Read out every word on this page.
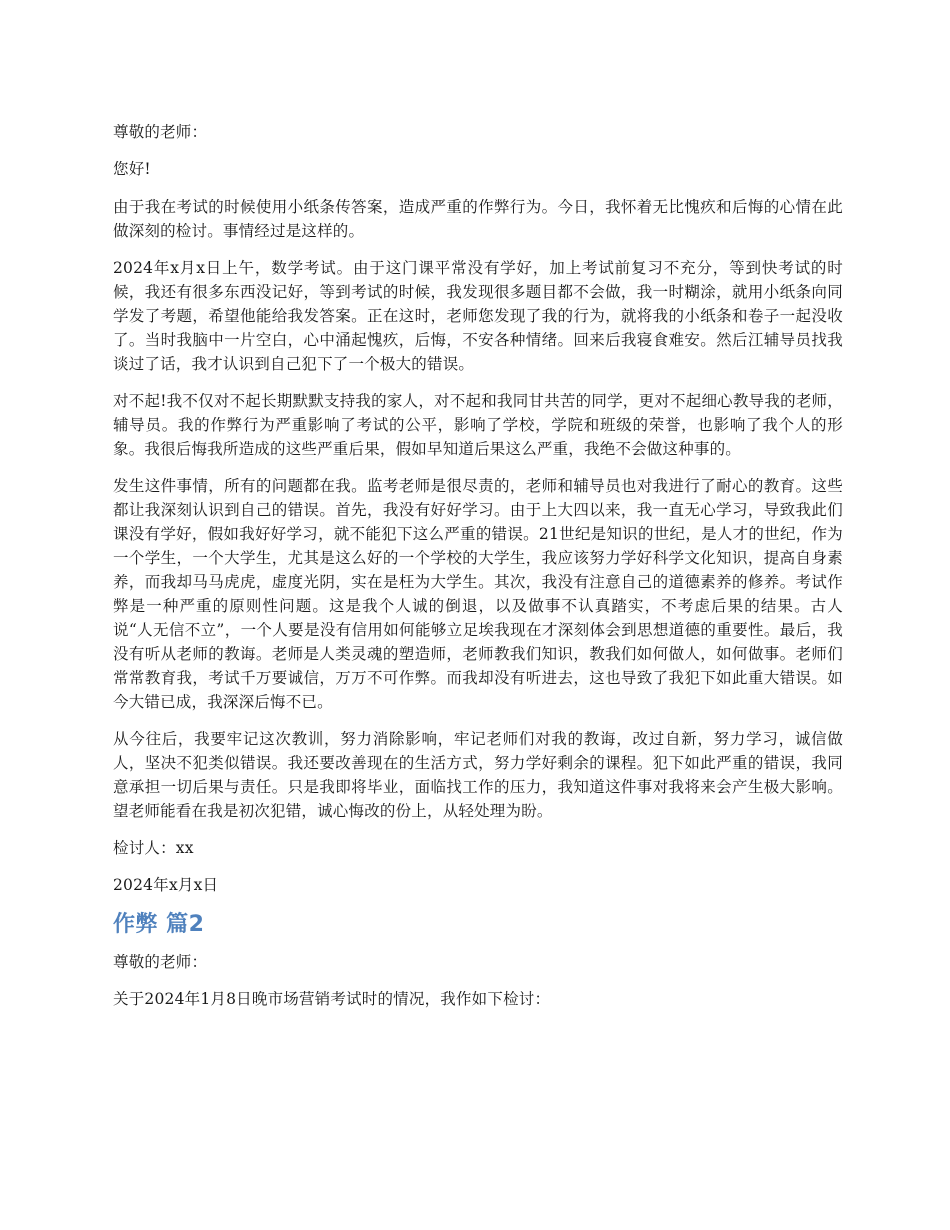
尊敬的老师：

您好!

由于我在考试的时候使用小纸条传答案，造成严重的作弊行为。今日，我怀着无比愧疚和后悔的心情在此做深刻的检讨。事情经过是这样的。

2024年x月x日上午，数学考试。由于这门课平常没有学好，加上考试前复习不充分，等到快考试的时候，我还有很多东西没记好，等到考试的时候，我发现很多题目都不会做，我一时糊涂，就用小纸条向同学发了考题，希望他能给我发答案。正在这时，老师您发现了我的行为，就将我的小纸条和卷子一起没收了。当时我脑中一片空白，心中涌起愧疚，后悔，不安各种情绪。回来后我寝食难安。然后江辅导员找我谈过了话，我才认识到自己犯下了一个极大的错误。

对不起!我不仅对不起长期默默支持我的家人，对不起和我同甘共苦的同学，更对不起细心教导我的老师，辅导员。我的作弊行为严重影响了考试的公平，影响了学校，学院和班级的荣誉，也影响了我个人的形象。我很后悔我所造成的这些严重后果，假如早知道后果这么严重，我绝不会做这种事的。

发生这件事情，所有的问题都在我。监考老师是很尽责的，老师和辅导员也对我进行了耐心的教育。这些都让我深刻认识到自己的错误。首先，我没有好好学习。由于上大四以来，我一直无心学习，导致我此们课没有学好，假如我好好学习，就不能犯下这么严重的错误。21世纪是知识的世纪，是人才的世纪，作为一个学生，一个大学生，尤其是这么好的一个学校的大学生，我应该努力学好科学文化知识，提高自身素养，而我却马马虎虎，虚度光阴，实在是枉为大学生。其次，我没有注意自己的道德素养的修养。考试作弊是一种严重的原则性问题。这是我个人诚的倒退，以及做事不认真踏实，不考虑后果的结果。古人说“人无信不立”，一个人要是没有信用如何能够立足埃我现在才深刻体会到思想道德的重要性。最后，我没有听从老师的教诲。老师是人类灵魂的塑造师，老师教我们知识，教我们如何做人，如何做事。老师们常常教育我，考试千万要诚信，万万不可作弊。而我却没有听进去，这也导致了我犯下如此重大错误。如今大错已成，我深深后悔不已。

从今往后，我要牢记这次教训，努力消除影响，牢记老师们对我的教诲，改过自新，努力学习，诚信做人，坚决不犯类似错误。我还要改善现在的生活方式，努力学好剩余的课程。犯下如此严重的错误，我同意承担一切后果与责任。只是我即将毕业，面临找工作的压力，我知道这件事对我将来会产生极大影响。望老师能看在我是初次犯错，诚心悔改的份上，从轻处理为盼。

检讨人：xx

2024年x月x日

作弊 篇2

尊敬的老师：

关于2024年1月8日晚市场营销考试时的情况，我作如下检讨：
